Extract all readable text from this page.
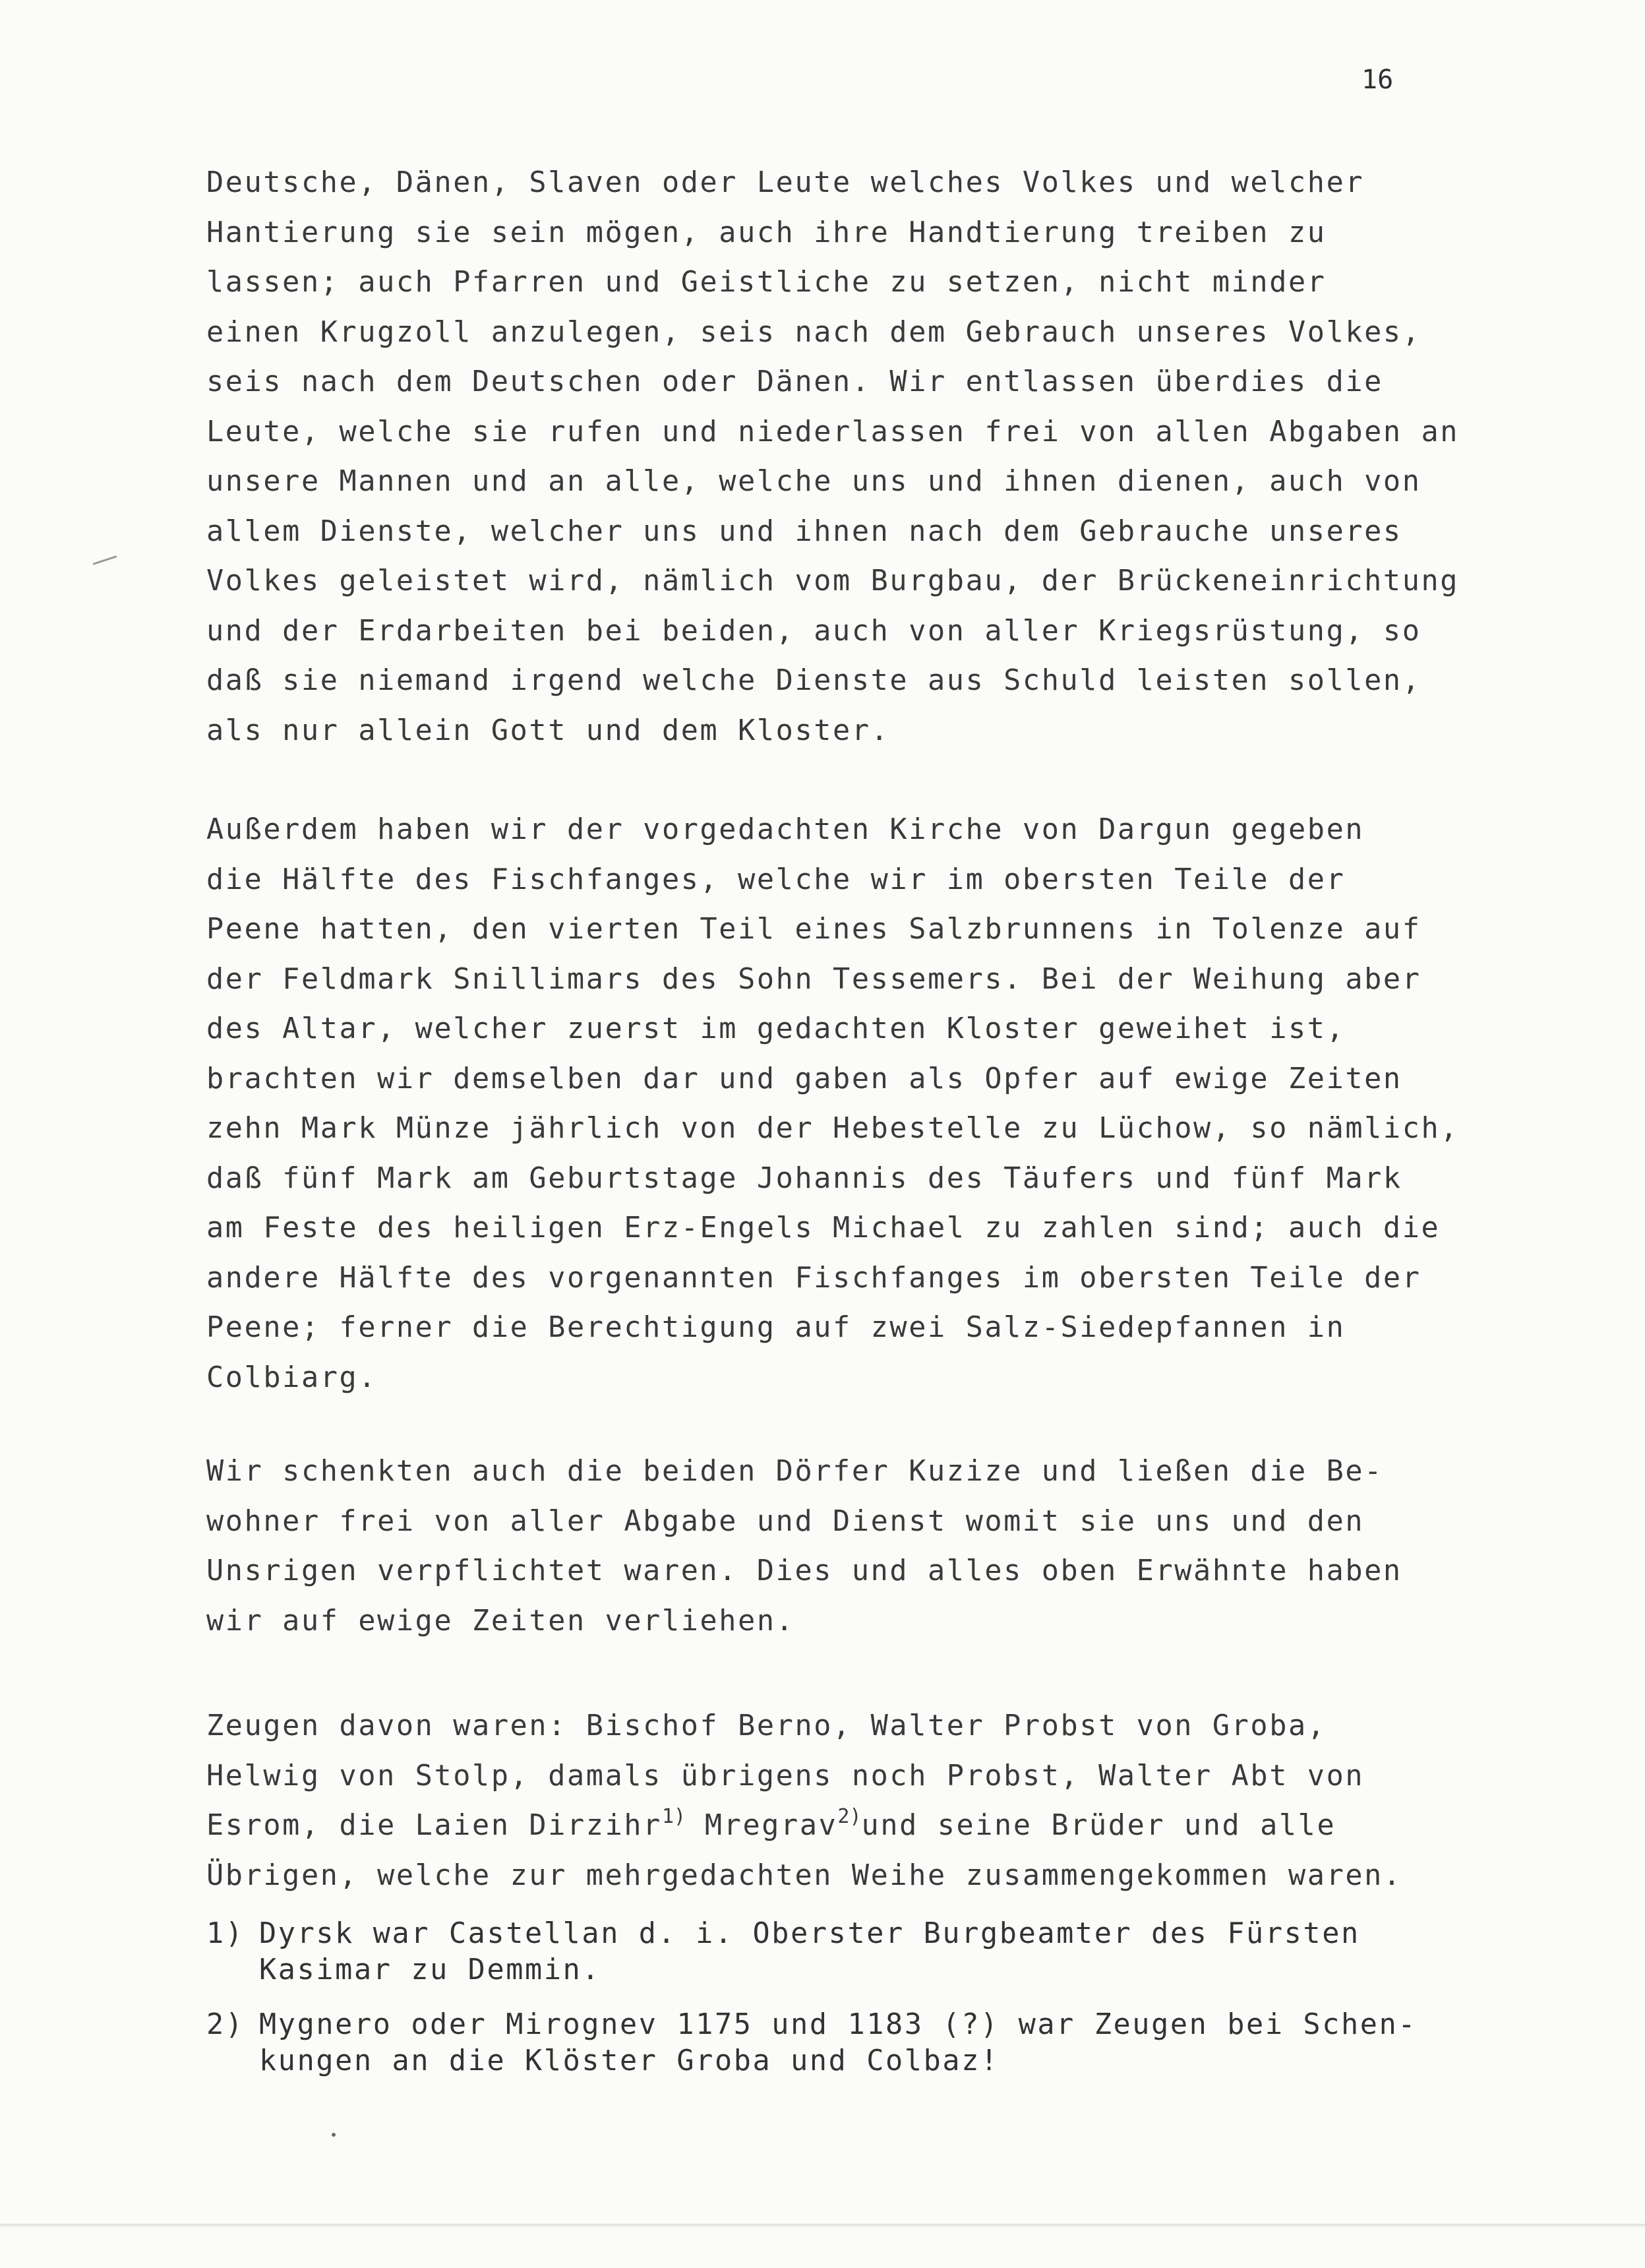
16

Deutsche, Dänen, Slaven oder Leute welches Volkes und welcher
Hantierung sie sein mögen, auch ihre Handtierung treiben zu
lassen; auch Pfarren und Geistliche zu setzen, nicht minder
einen Krugzoll anzulegen, seis nach dem Gebrauch unseres Volkes,
seis nach dem Deutschen oder Dänen. Wir entlassen überdies die
Leute, welche sie rufen und niederlassen frei von allen Abgaben an
unsere Mannen und an alle, welche uns und ihnen dienen, auch von
allem Dienste, welcher uns und ihnen nach dem Gebrauche unseres
Volkes geleistet wird, nämlich vom Burgbau, der Brückeneinrichtung
und der Erdarbeiten bei beiden, auch von aller Kriegsrüstung, so
daß sie niemand irgend welche Dienste aus Schuld leisten sollen,
als nur allein Gott und dem Kloster.

Außerdem haben wir der vorgedachten Kirche von Dargun gegeben
die Hälfte des Fischfanges, welche wir im obersten Teile der
Peene hatten, den vierten Teil eines Salzbrunnens in Tolenze auf
der Feldmark Snillimars des Sohn Tessemers. Bei der Weihung aber
des Altar, welcher zuerst im gedachten Kloster geweihet ist,
brachten wir demselben dar und gaben als Opfer auf ewige Zeiten
zehn Mark Münze jährlich von der Hebestelle zu Lüchow, so nämlich,
daß fünf Mark am Geburtstage Johannis des Täufers und fünf Mark
am Feste des heiligen Erz-Engels Michael zu zahlen sind; auch die
andere Hälfte des vorgenannten Fischfanges im obersten Teile der
Peene; ferner die Berechtigung auf zwei Salz-Siedepfannen in
Colbiarg.

Wir schenkten auch die beiden Dörfer Kuzize und ließen die Be-
wohner frei von aller Abgabe und Dienst womit sie uns und den
Unsrigen verpflichtet waren. Dies und alles oben Erwähnte haben
wir auf ewige Zeiten verliehen.

Zeugen davon waren: Bischof Berno, Walter Probst von Groba,
Helwig von Stolp, damals übrigens noch Probst, Walter Abt von
Esrom, die Laien Dirzihr$^{1)}$ Mregrav$^{2)}$und seine Brüder und alle
Übrigen, welche zur mehrgedachten Weihe zusammengekommen waren.
1) Dyrsk war Castellan d. i. Oberster Burgbeamter des Fürsten
Kasimar zu Demmin.
2) Mygnero oder Mirognev 1175 und 1183 (?) war Zeugen bei Schen-
kungen an die Klöster Groba und Colbaz!
